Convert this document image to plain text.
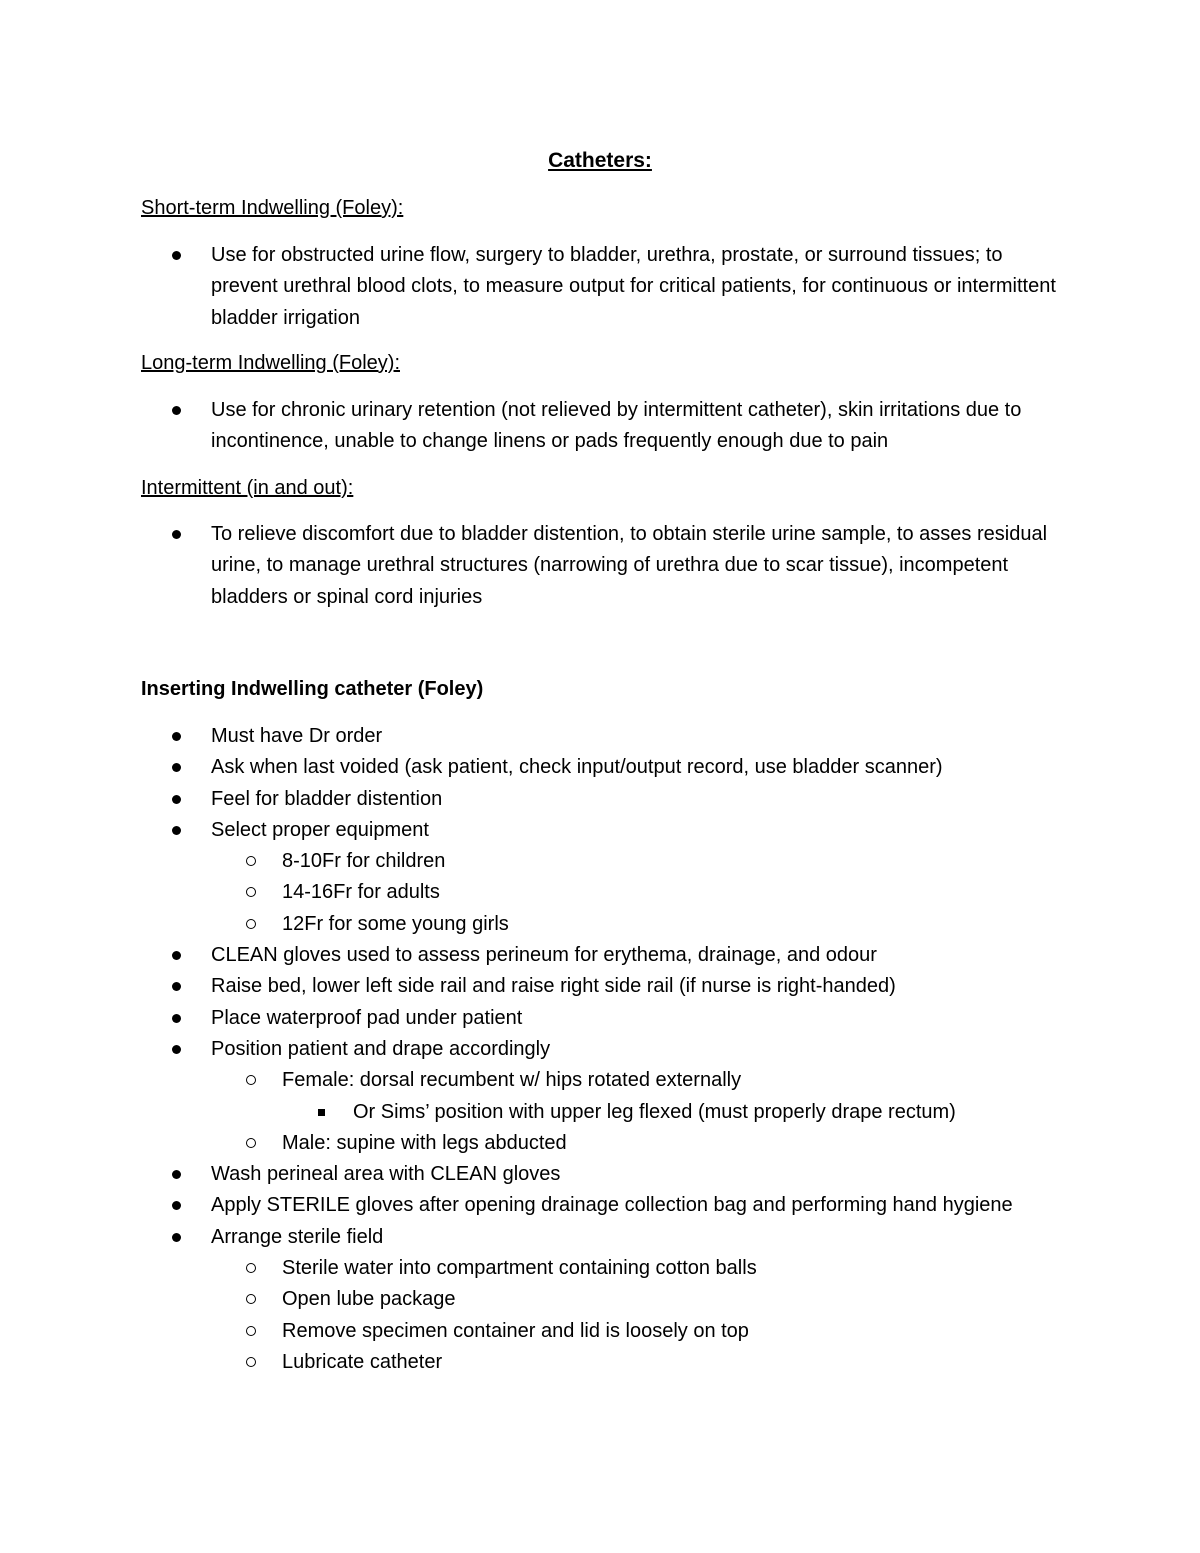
Catheters:
Short-term Indwelling (Foley):
Use for obstructed urine flow, surgery to bladder, urethra, prostate, or surround tissues; to prevent urethral blood clots, to measure output for critical patients, for continuous or intermittent bladder irrigation
Long-term Indwelling (Foley):
Use for chronic urinary retention (not relieved by intermittent catheter), skin irritations due to incontinence, unable to change linens or pads frequently enough due to pain
Intermittent (in and out):
To relieve discomfort due to bladder distention, to obtain sterile urine sample, to asses residual urine, to manage urethral structures (narrowing of urethra due to scar tissue), incompetent bladders or spinal cord injuries
Inserting Indwelling catheter (Foley)
Must have Dr order
Ask when last voided (ask patient, check input/output record, use bladder scanner)
Feel for bladder distention
Select proper equipment
8-10Fr for children
14-16Fr for adults
12Fr for some young girls
CLEAN gloves used to assess perineum for erythema, drainage, and odour
Raise bed, lower left side rail and raise right side rail (if nurse is right-handed)
Place waterproof pad under patient
Position patient and drape accordingly
Female: dorsal recumbent w/ hips rotated externally
Or Sims’ position with upper leg flexed (must properly drape rectum)
Male: supine with legs abducted
Wash perineal area with CLEAN gloves
Apply STERILE gloves after opening drainage collection bag and performing hand hygiene
Arrange sterile field
Sterile water into compartment containing cotton balls
Open lube package
Remove specimen container and lid is loosely on top
Lubricate catheter
